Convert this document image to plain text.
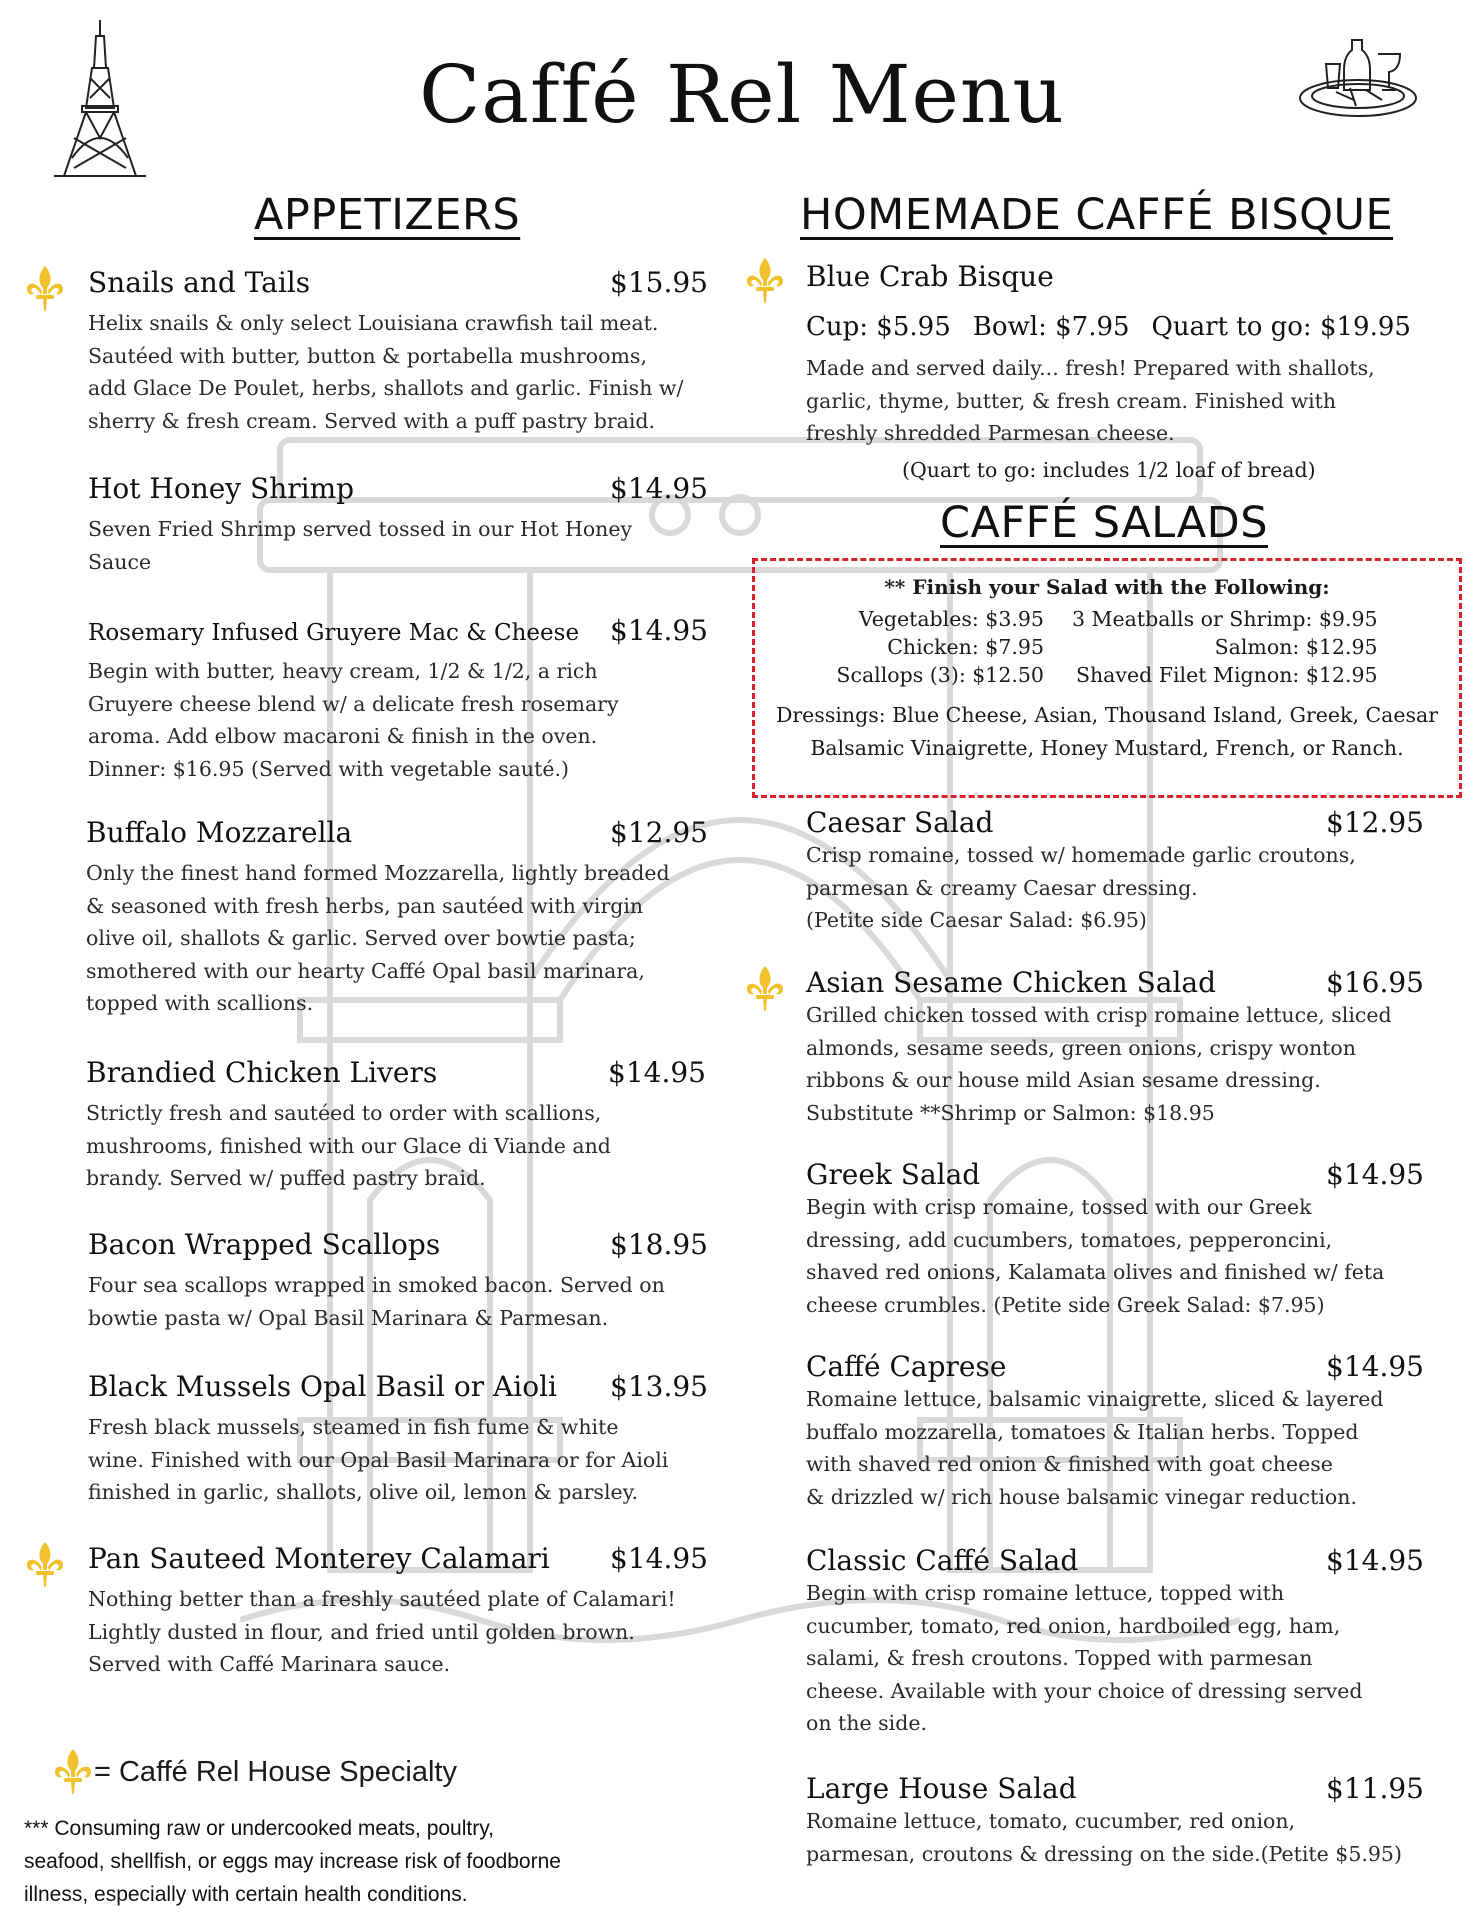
Caffé Rel Menu
APPETIZERS
Snails and Tails	$15.95
Helix snails & only select Louisiana crawfish tail meat.
Sautéed with butter, button & portabella mushrooms,
add Glace De Poulet, herbs, shallots and garlic. Finish w/
sherry & fresh cream. Served with a puff pastry braid.
Hot Honey Shrimp	$14.95
Seven Fried Shrimp served tossed in our Hot Honey
Sauce
Rosemary Infused Gruyere Mac & Cheese $14.95
Begin with butter, heavy cream, 1/2 & 1/2, a rich
Gruyere cheese blend w/ a delicate fresh rosemary
aroma. Add elbow macaroni & finish in the oven.
Dinner: $16.95 (Served with vegetable sauté.)
Buffalo Mozzarella	$12.95
Only the finest hand formed Mozzarella, lightly breaded
& seasoned with fresh herbs, pan sautéed with virgin
olive oil, shallots & garlic. Served over bowtie pasta;
smothered with our hearty Caffé Opal basil marinara,
topped with scallions.
Brandied Chicken Livers	$14.95
Strictly fresh and sautéed to order with scallions,
mushrooms, finished with our Glace di Viande and
brandy. Served w/ puffed pastry braid.
Bacon Wrapped Scallops	$18.95
Four sea scallops wrapped in smoked bacon. Served on
bowtie pasta w/ Opal Basil Marinara & Parmesan.
Black Mussels Opal Basil or Aioli $13.95
Fresh black mussels, steamed in fish fume & white
wine. Finished with our Opal Basil Marinara or for Aioli
finished in garlic, shallots, olive oil, lemon & parsley.
Pan Sauteed Monterey Calamari $14.95
Nothing better than a freshly sautéed plate of Calamari!
Lightly dusted in flour, and fried until golden brown.
Served with Caffé Marinara sauce.
= Caffé Rel House Specialty
*** Consuming raw or undercooked meats, poultry,
seafood, shellfish, or eggs may increase risk of foodborne
illness, especially with certain health conditions.
HOMEMADE CAFFÉ BISQUE
Blue Crab Bisque
Cup: $5.95 Bowl: $7.95 Quart to go: $19.95
Made and served daily... fresh! Prepared with shallots,
garlic, thyme, butter, & fresh cream. Finished with
freshly shredded Parmesan cheese.
(Quart to go: includes 1/2 loaf of bread)
CAFFÉ SALADS
** Finish your Salad with the Following:
Vegetables: $3.95	3 Meatballs or Shrimp: $9.95
Chicken: $7.95	Salmon: $12.95
Scallops (3): $12.50	Shaved Filet Mignon: $12.95
Dressings: Blue Cheese, Asian, Thousand Island, Greek, Caesar
Balsamic Vinaigrette, Honey Mustard, French, or Ranch.
Caesar Salad	$12.95
Crisp romaine, tossed w/ homemade garlic croutons,
parmesan & creamy Caesar dressing.
(Petite side Caesar Salad: $6.95)
Asian Sesame Chicken Salad	$16.95
Grilled chicken tossed with crisp romaine lettuce, sliced
almonds, sesame seeds, green onions, crispy wonton
ribbons & our house mild Asian sesame dressing.
Substitute **Shrimp or Salmon: $18.95
Greek Salad	$14.95
Begin with crisp romaine, tossed with our Greek
dressing, add cucumbers, tomatoes, pepperoncini,
shaved red onions, Kalamata olives and finished w/ feta
cheese crumbles. (Petite side Greek Salad: $7.95)
Caffé Caprese	$14.95
Romaine lettuce, balsamic vinaigrette, sliced & layered
buffalo mozzarella, tomatoes & Italian herbs. Topped
with shaved red onion & finished with goat cheese
& drizzled w/ rich house balsamic vinegar reduction.
Classic Caffé Salad	$14.95
Begin with crisp romaine lettuce, topped with
cucumber, tomato, red onion, hardboiled egg, ham,
salami, & fresh croutons. Topped with parmesan
cheese. Available with your choice of dressing served
on the side.
Large House Salad	$11.95
Romaine lettuce, tomato, cucumber, red onion,
parmesan, croutons & dressing on the side.(Petite $5.95)
